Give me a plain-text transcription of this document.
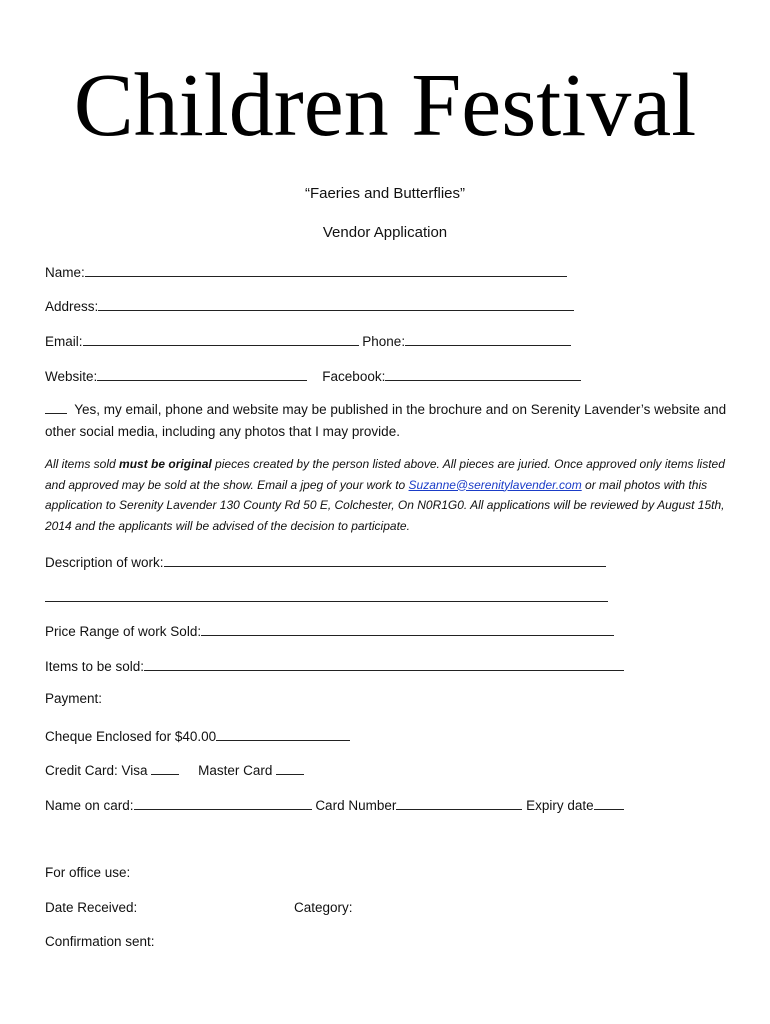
Children Festival
“Faeries and Butterflies”
Vendor Application
Name:
Address:
Email:	Phone:
Website:	Facebook:
Yes, my email, phone and website may be published in the brochure and on Serenity Lavender’s website and other social media, including any photos that I may provide.
All items sold must be original pieces created by the person listed above. All pieces are juried. Once approved only items listed and approved may be sold at the show. Email a jpeg of your work to Suzanne@serenitylavender.com or mail photos with this application to Serenity Lavender 130 County Rd 50 E, Colchester, On N0R1G0. All applications will be reviewed by August 15th, 2014 and the applicants will be advised of the decision to participate.
Description of work:
Price Range of work Sold:
Items to be sold:
Payment:
Cheque Enclosed for $40.00
Credit Card: Visa	Master Card
Name on card:	Card Number	Expiry date
For office use:
Date Received:	Category:
Confirmation sent:
